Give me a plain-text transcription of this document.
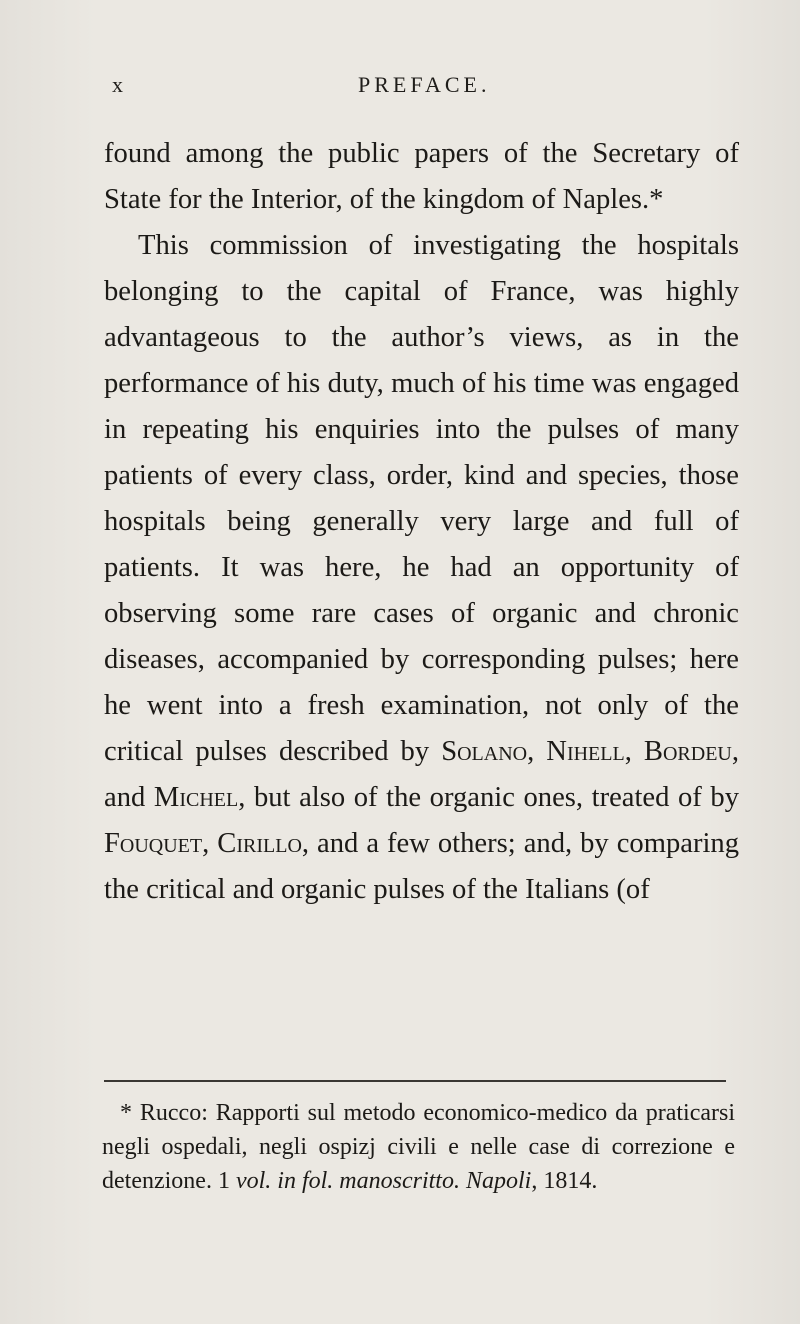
x	PREFACE.

found among the public papers of the Secretary of State for the Interior, of the kingdom of Naples.*

This commission of investigating the hospitals belonging to the capital of France, was highly advantageous to the author’s views, as in the performance of his duty, much of his time was engaged in repeating his enquiries into the pulses of many patients of every class, order, kind and species, those hospitals being generally very large and full of patients. It was here, he had an opportunity of observing some rare cases of organic and chronic diseases, accompanied by corresponding pulses; here he went into a fresh examination, not only of the critical pulses described by Solano, Nihell, Bordeu, and Michel, but also of the organic ones, treated of by Fouquet, Cirillo, and a few others; and, by comparing the critical and organic pulses of the Italians (of

* Rucco: Rapporti sul metodo economico-medico da praticarsi negli ospedali, negli ospizj civili e nelle case di correzione e detenzione. 1 vol. in fol. manoscritto. Napoli, 1814.
